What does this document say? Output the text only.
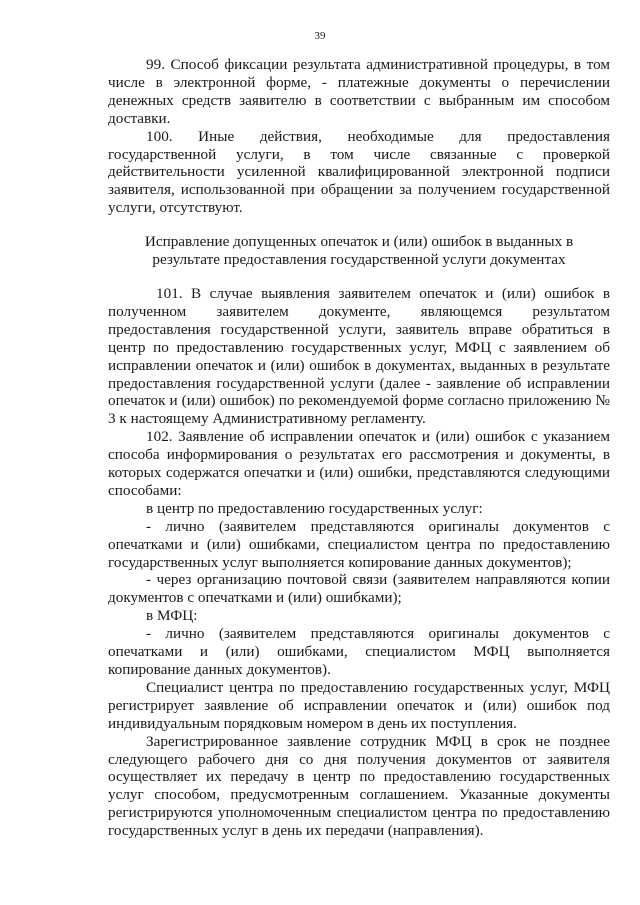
39

99. Способ фиксации результата административной процедуры, в том числе в электронной форме, - платежные документы о перечислении денежных средств заявителю в соответствии с выбранным им способом доставки.

100. Иные действия, необходимые для предоставления государственной услуги, в том числе связанные с проверкой действительности усиленной квалифицированной электронной подписи заявителя, использованной при обращении за получением государственной услуги, отсутствуют.

Исправление допущенных опечаток и (или) ошибок в выданных в результате предоставления государственной услуги документах

101. В случае выявления заявителем опечаток и (или) ошибок в полученном заявителем документе, являющемся результатом предоставления государственной услуги, заявитель вправе обратиться в центр по предоставлению государственных услуг, МФЦ с заявлением об исправлении опечаток и (или) ошибок в документах, выданных в результате предоставления государственной услуги (далее - заявление об исправлении опечаток и (или) ошибок) по рекомендуемой форме согласно приложению № 3 к настоящему Административному регламенту.

102. Заявление об исправлении опечаток и (или) ошибок с указанием способа информирования о результатах его рассмотрения и документы, в которых содержатся опечатки и (или) ошибки, представляются следующими способами:

в центр по предоставлению государственных услуг:

- лично (заявителем представляются оригиналы документов с опечатками и (или) ошибками, специалистом центра по предоставлению государственных услуг выполняется копирование данных документов);

- через организацию почтовой связи (заявителем направляются копии документов с опечатками и (или) ошибками);

в МФЦ:

- лично (заявителем представляются оригиналы документов с опечатками и (или) ошибками, специалистом МФЦ выполняется копирование данных документов).

Специалист центра по предоставлению государственных услуг, МФЦ регистрирует заявление об исправлении опечаток и (или) ошибок под индивидуальным порядковым номером в день их поступления.

Зарегистрированное заявление сотрудник МФЦ в срок не позднее следующего рабочего дня со дня получения документов от заявителя осуществляет их передачу в центр по предоставлению государственных услуг способом, предусмотренным соглашением. Указанные документы регистрируются уполномоченным специалистом центра по предоставлению государственных услуг в день их передачи (направления).
